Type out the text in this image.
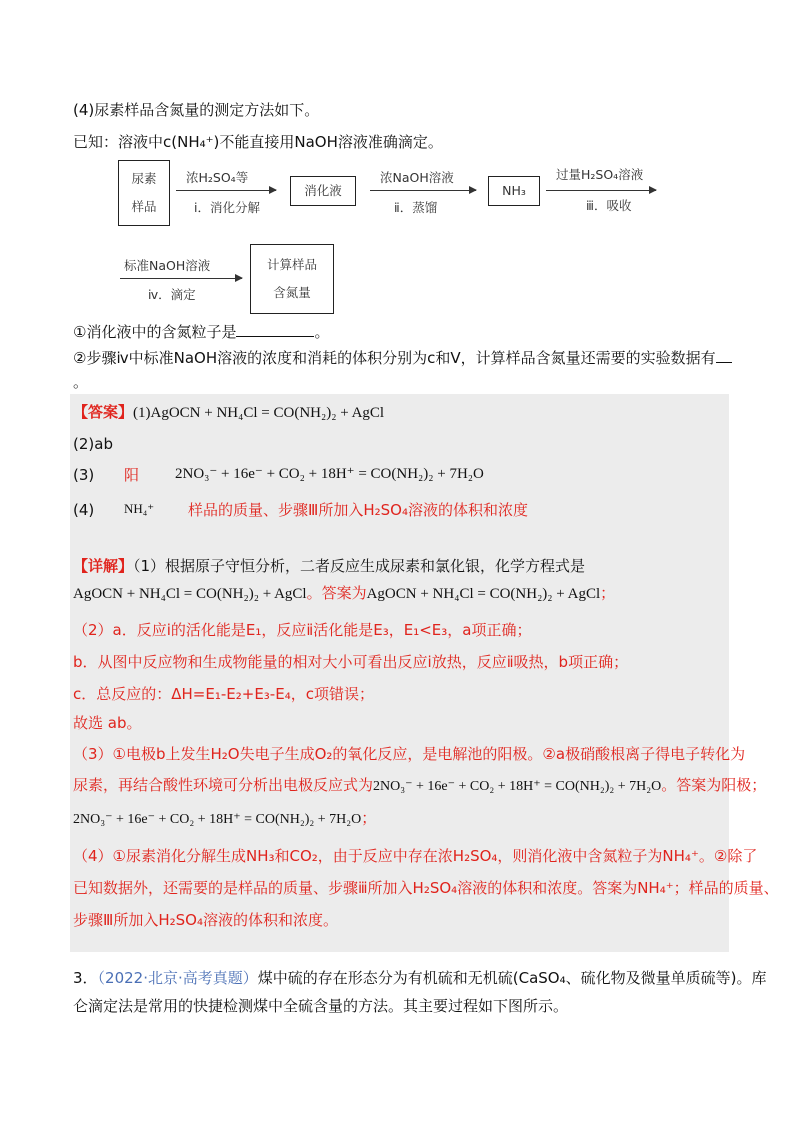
(4)尿素样品含氮量的测定方法如下。
已知：溶液中c(NH₄⁺)不能直接用NaOH溶液准确滴定。
尿素
样品
浓H₂SO₄等
ⅰ．消化分解
消化液
浓NaOH溶液
ⅱ．蒸馏
NH₃
过量H₂SO₄溶液
ⅲ．吸收
标准NaOH溶液
ⅳ．滴定
计算样品
含氮量
①消化液中的含氮粒子是	。
②步骤ⅳ中标准NaOH溶液的浓度和消耗的体积分别为c和V，计算样品含氮量还需要的实验数据有
。
【答案】(1)AgOCN + NH₄Cl = CO(NH₂)₂ + AgCl
(2)ab
(3) 阳 2NO₃⁻ + 16e⁻ + CO₂ + 18H⁺ = CO(NH₂)₂ + 7H₂O
(4) NH₄⁺ 样品的质量、步骤Ⅲ所加入H₂SO₄溶液的体积和浓度
【详解】（1）根据原子守恒分析，二者反应生成尿素和氯化银，化学方程式是
AgOCN + NH₄Cl = CO(NH₂)₂ + AgCl。答案为AgOCN + NH₄Cl = CO(NH₂)₂ + AgCl；
（2）a．反应ⅰ的活化能是E₁，反应ⅱ活化能是E₃，E₁<E₃，a项正确；
b．从图中反应物和生成物能量的相对大小可看出反应ⅰ放热，反应ⅱ吸热，b项正确；
c．总反应的：ΔH=E₁-E₂+E₃-E₄，c项错误；
故选 ab。
（3）①电极b上发生H₂O失电子生成O₂的氧化反应，是电解池的阳极。②a极硝酸根离子得电子转化为
尿素，再结合酸性环境可分析出电极反应式为2NO₃⁻ + 16e⁻ + CO₂ + 18H⁺ = CO(NH₂)₂ + 7H₂O。答案为阳极；
2NO₃⁻ + 16e⁻ + CO₂ + 18H⁺ = CO(NH₂)₂ + 7H₂O；
（4）①尿素消化分解生成NH₃和CO₂，由于反应中存在浓H₂SO₄，则消化液中含氮粒子为NH₄⁺。②除了
已知数据外，还需要的是样品的质量、步骤ⅲ所加入H₂SO₄溶液的体积和浓度。答案为NH₄⁺；样品的质量、
步骤Ⅲ所加入H₂SO₄溶液的体积和浓度。
3．（2022·北京·高考真题）煤中硫的存在形态分为有机硫和无机硫(CaSO₄、硫化物及微量单质硫等)。库
仑滴定法是常用的快捷检测煤中全硫含量的方法。其主要过程如下图所示。
